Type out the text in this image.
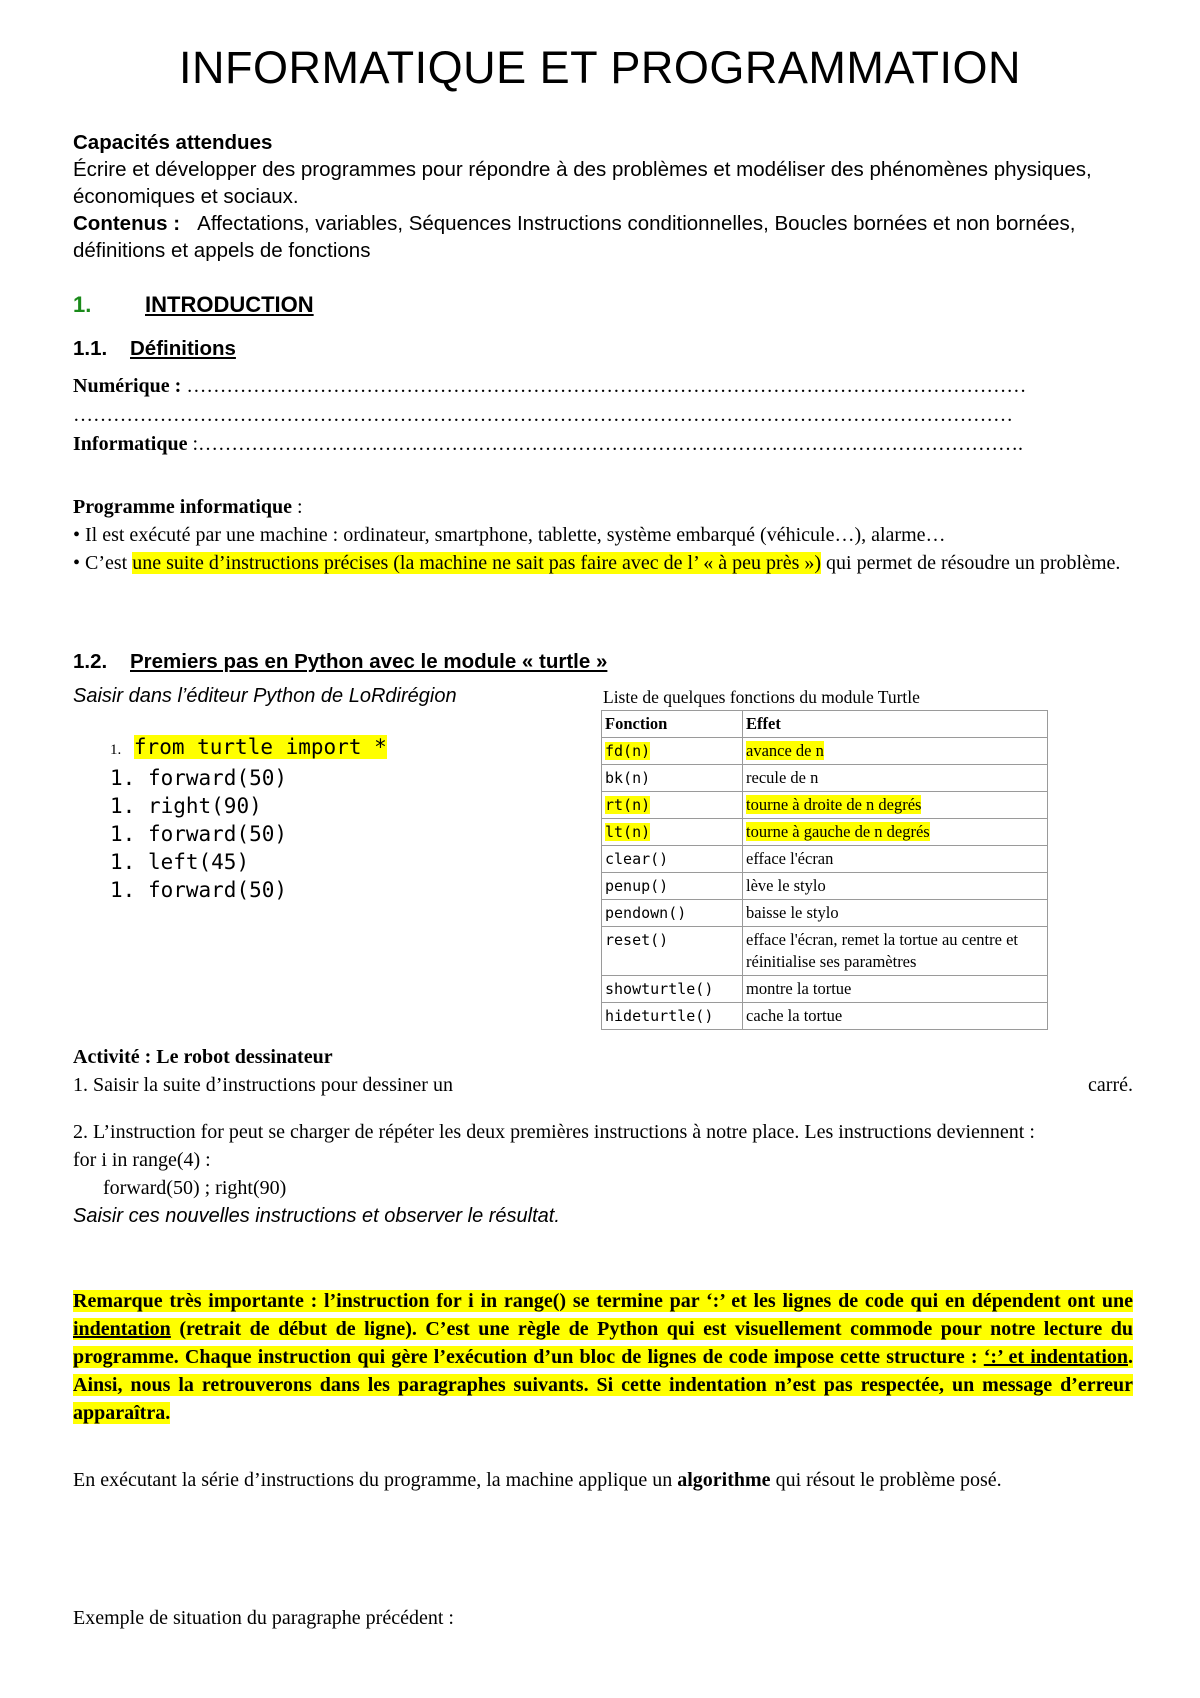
INFORMATIQUE ET PROGRAMMATION
Capacités attendues
Écrire et développer des programmes pour répondre à des problèmes et modéliser des phénomènes physiques, économiques et sociaux.
Contenus : Affectations, variables, Séquences Instructions conditionnelles, Boucles bornées et non bornées, définitions et appels de fonctions
1. INTRODUCTION
1.1. Définitions
Numérique : ………………………………………………………………………………………………………………
……………………………………………………………………………………………………………………………
Informatique :…………………………………………………………………………………………………………….
Programme informatique :
• Il est exécuté par une machine : ordinateur, smartphone, tablette, système embarqué (véhicule…), alarme…
• C’est une suite d’instructions précises (la machine ne sait pas faire avec de l’ « à peu près ») qui permet de résoudre un problème.
1.2. Premiers pas en Python avec le module « turtle »
Saisir dans l’éditeur Python de LoRdirégion
1. from turtle import *
1. forward(50)
1. right(90)
1. forward(50)
1. left(45)
1. forward(50)
Liste de quelques fonctions du module Turtle
Fonction	Effet
fd(n)	avance de n
bk(n)	recule de n
rt(n)	tourne à droite de n degrés
lt(n)	tourne à gauche de n degrés
clear()	efface l'écran
penup()	lève le stylo
pendown()	baisse le stylo
reset()	efface l'écran, remet la tortue au centre et réinitialise ses paramètres
showturtle()	montre la tortue
hideturtle()	cache la tortue
Activité : Le robot dessinateur
1. Saisir la suite d’instructions pour dessiner un	carré.
2. L’instruction for peut se charger de répéter les deux premières instructions à notre place. Les instructions deviennent :
for i in range(4) :
forward(50) ; right(90)
Saisir ces nouvelles instructions et observer le résultat.
Remarque très importante : l’instruction for i in range() se termine par ‘:’ et les lignes de code qui en dépendent ont une indentation (retrait de début de ligne). C’est une règle de Python qui est visuellement commode pour notre lecture du programme. Chaque instruction qui gère l’exécution d’un bloc de lignes de code impose cette structure : ‘:’ et indentation. Ainsi, nous la retrouverons dans les paragraphes suivants. Si cette indentation n’est pas respectée, un message d’erreur apparaîtra.
En exécutant la série d’instructions du programme, la machine applique un algorithme qui résout le problème posé.
Exemple de situation du paragraphe précédent :
